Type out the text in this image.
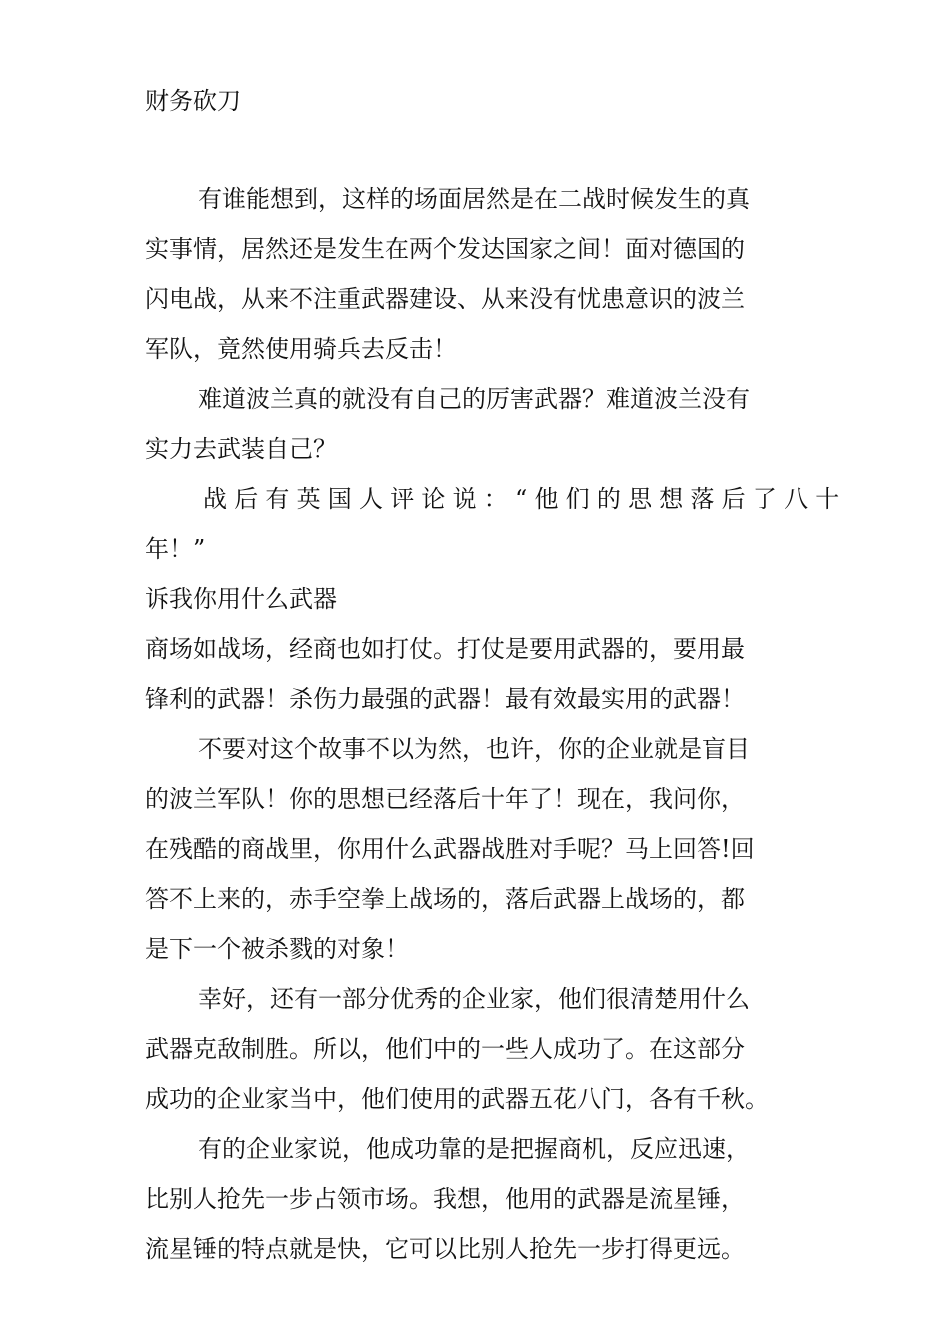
财务砍刀
有谁能想到，这样的场面居然是在二战时候发生的真
实事情，居然还是发生在两个发达国家之间！面对德国的
闪电战，从来不注重武器建设、从来没有忧患意识的波兰
军队，竟然使用骑兵去反击！
难道波兰真的就没有自己的厉害武器？难道波兰没有
实力去武装自己？
战后有英国人评论说：“他们的思想落后了八十
年！”
诉我你用什么武器
商场如战场，经商也如打仗。打仗是要用武器的，要用最
锋利的武器！杀伤力最强的武器！最有效最实用的武器！
不要对这个故事不以为然，也许，你的企业就是盲目
的波兰军队！你的思想已经落后十年了！现在，我问你，
在残酷的商战里，你用什么武器战胜对手呢？马上回答!回
答不上来的，赤手空拳上战场的，落后武器上战场的，都
是下一个被杀戮的对象！
幸好，还有一部分优秀的企业家，他们很清楚用什么
武器克敌制胜。所以，他们中的一些人成功了。在这部分
成功的企业家当中，他们使用的武器五花八门，各有千秋。
有的企业家说，他成功靠的是把握商机，反应迅速，
比别人抢先一步占领市场。我想，他用的武器是流星锤，
流星锤的特点就是快，它可以比别人抢先一步打得更远。
